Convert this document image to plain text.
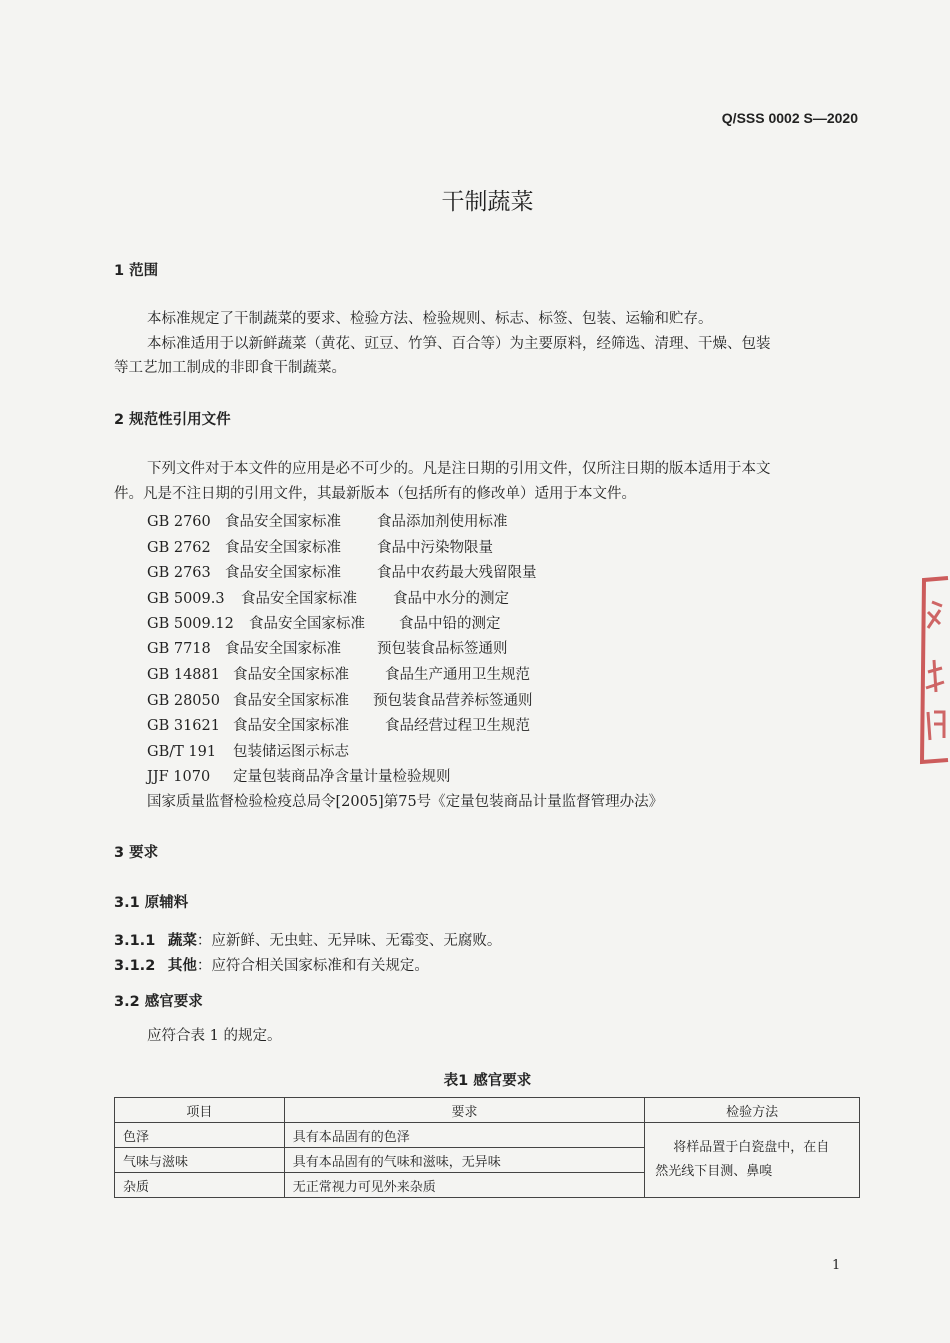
Q/SSS 0002 S—2020
干制蔬菜
1 范围
本标准规定了干制蔬菜的要求、检验方法、检验规则、标志、标签、包装、运输和贮存。
本标准适用于以新鲜蔬菜（黄花、豇豆、竹笋、百合等）为主要原料，经筛选、清理、干燥、包装
等工艺加工制成的非即食干制蔬菜。
2 规范性引用文件
下列文件对于本文件的应用是必不可少的。凡是注日期的引用文件，仅所注日期的版本适用于本文
件。凡是不注日期的引用文件，其最新版本（包括所有的修改单）适用于本文件。
GB 2760 食品安全国家标准 食品添加剂使用标准
GB 2762 食品安全国家标准 食品中污染物限量
GB 2763 食品安全国家标准 食品中农药最大残留限量
GB 5009.3 食品安全国家标准 食品中水分的测定
GB 5009.12 食品安全国家标准 食品中铅的测定
GB 7718 食品安全国家标准 预包装食品标签通则
GB 14881 食品安全国家标准 食品生产通用卫生规范
GB 28050 食品安全国家标准 预包装食品营养标签通则
GB 31621 食品安全国家标准 食品经营过程卫生规范
GB/T 191 包装储运图示标志
JJF 1070 定量包装商品净含量计量检验规则
国家质量监督检验检疫总局令[2005]第75号《定量包装商品计量监督管理办法》
3 要求
3.1 原辅料
3.1.1 蔬菜：应新鲜、无虫蛀、无异味、无霉变、无腐败。
3.1.2 其他：应符合相关国家标准和有关规定。
3.2 感官要求
应符合表 1 的规定。
表1 感官要求
项目	要求	检验方法
色泽	具有本品固有的色泽	将样品置于白瓷盘中，在自
然光线下目测、鼻嗅

气味与滋味	具有本品固有的气味和滋味，无异味	
杂质	无正常视力可见外来杂质	
1
